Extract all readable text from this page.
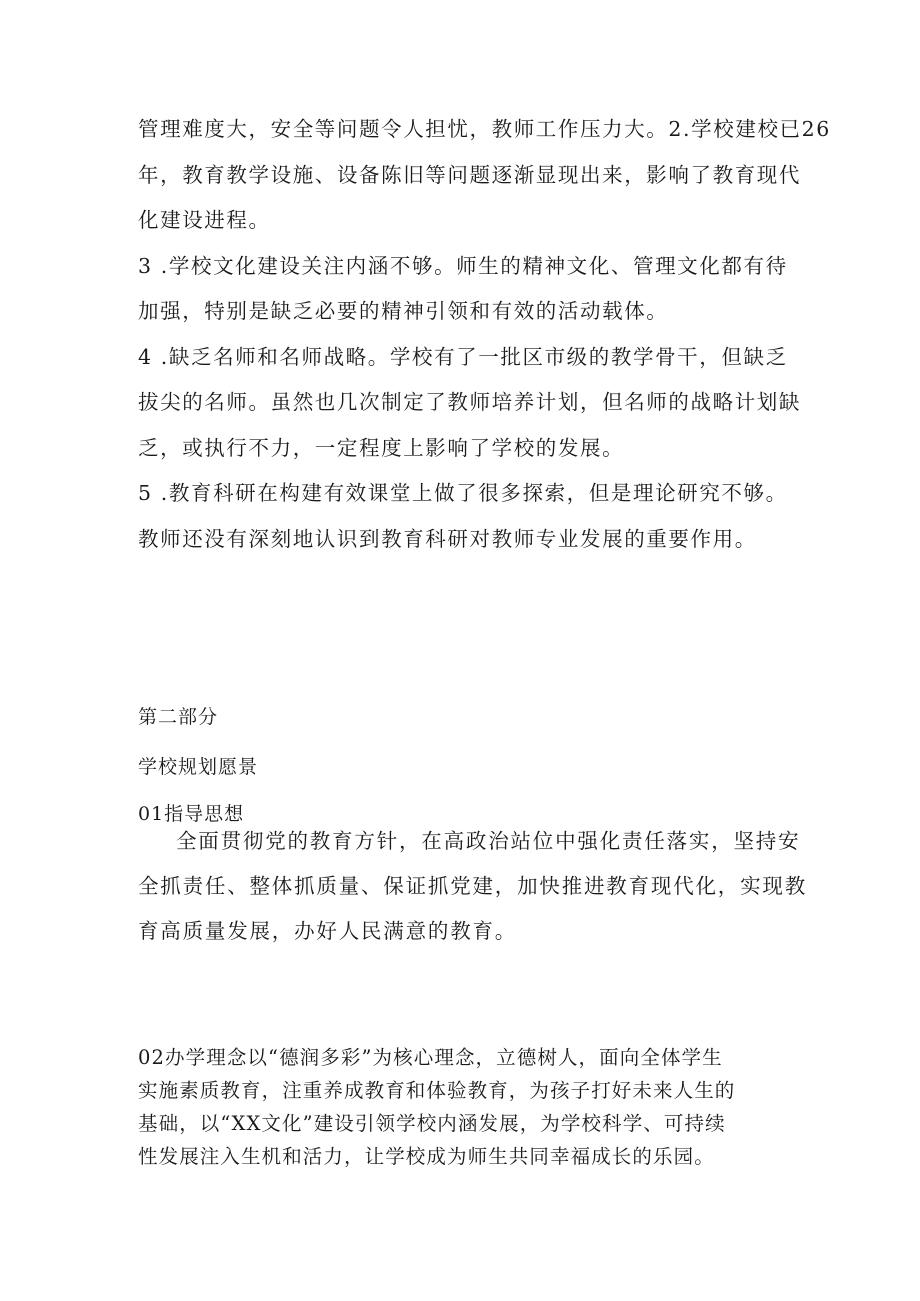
管理难度大，安全等问题令人担忧，教师工作压力大。2.学校建校已26
年，教育教学设施、设备陈旧等问题逐渐显现出来，影响了教育现代
化建设进程。
3 .学校文化建设关注内涵不够。师生的精神文化、管理文化都有待
加强，特别是缺乏必要的精神引领和有效的活动载体。
4 .缺乏名师和名师战略。学校有了一批区市级的教学骨干，但缺乏
拔尖的名师。虽然也几次制定了教师培养计划，但名师的战略计划缺
乏，或执行不力，一定程度上影响了学校的发展。
5 .教育科研在构建有效课堂上做了很多探索，但是理论研究不够。
教师还没有深刻地认识到教育科研对教师专业发展的重要作用。
第二部分
学校规划愿景
01指导思想
全面贯彻党的教育方针，在高政治站位中强化责任落实，坚持安
全抓责任、整体抓质量、保证抓党建，加快推进教育现代化，实现教
育高质量发展，办好人民满意的教育。
02办学理念以“德润多彩”为核心理念，立德树人，面向全体学生
实施素质教育，注重养成教育和体验教育，为孩子打好未来人生的
基础，以“XX文化”建设引领学校内涵发展，为学校科学、可持续
性发展注入生机和活力，让学校成为师生共同幸福成长的乐园。
